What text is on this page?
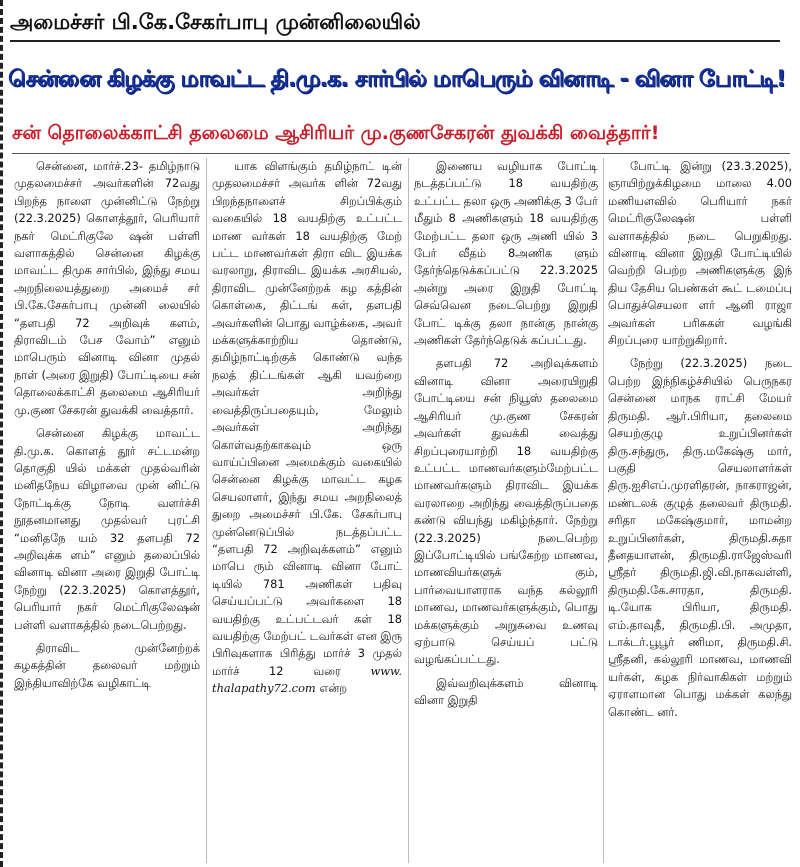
அமைச்சர் பி.கே.சேகர்பாபு முன்னிலையில்
சென்னை கிழக்கு மாவட்ட தி.மு.க. சார்பில் மாபெரும் வினாடி - வினா போட்டி!
சன் தொலைக்காட்சி தலைமை ஆசிரியர் மு.குணசேகரன் துவக்கி வைத்தார்!

சென்னை, மார்ச்.23- தமிழ்நாடு முதலமைச்சர் அவர்களின் 72வது பிறந்த நாளை முன்னிட்டு நேற்று (22.3.2025) கொளத்தூர், பெரியார் நகர் மெட்ரிகுலே ஷன் பள்ளி வளாகத்தில் சென்னை கிழக்கு மாவட்ட திமுக சார்பில், இந்து சமய அறநிலையத்துறை அமைச் சர் பி.கே.சேகர்பாபு முன்னி லையில் “தளபதி 72 அறிவுக் களம், திராவிடம் பேச வோம்” எனும் மாபெரும் வினாடி வினா முதல் நாள் (அரை இறுதி) போட்டியை சன் தொலைக்காட்சி தலைமை ஆசிரியர் மு.குண சேகரன் துவக்கி வைத்தார்.

சென்னை கிழக்கு மாவட்ட தி.மு.க. கொளத் தூர் சட்டமன்ற தொகுதி யில் மக்கள் முதல்வரின் மனிதநேய விழாவை முன் னிட்டு நோட்டிக்கு நோடி வளர்ச்சி நூதனமானது முதல்வர் புரட்சி “மனிதநே யம் 32 தளபதி 72 அறிவுக்க ளம்” எனும் தலைப்பில் வினாடி வினா அரை இறுதி போட்டி நேற்று (22.3.2025) கொளத்தூர், பெரியார் நகர் மெட்ரிகுலேஷன் பள்ளி வளாகத்தில் நடைபெற்றது.

திராவிட முன்னேற்றக் கழகத்தின் தலைவர் மற்றும் இந்தியாவிற்கே வழிகாட்டி

யாக விளங்கும் தமிழ்நாட் டின் முதலமைச்சர் அவர்க ளின் 72வது பிறந்தநாளைச் சிறப்பிக்கும் வகையில் 18 வயதிற்கு உட்பட்ட மாண வர்கள் 18 வயதிற்கு மேற் பட்ட மாணவர்கள் திரா விட இயக்க வரலாறு, திராவிட இயக்க அரசியல், திராவிட முன்னேற்றக் கழ கத்தின் கொள்கை, திட்டங் கள், தளபதி அவர்களின் பொது வாழ்க்கை, அவர் மக்களுக்காற்றிய தொண்டு, தமிழ்நாட்டிற்குக் கொண்டு வந்த நலத் திட்டங்கள் ஆகி யவற்றை அவர்கள் அறிந்து வைத்திருப்பதையும், மேலும் அவர்கள் அறிந்து கொள்வதற்காகவும் ஒரு வாய்ப்பினை அமைக்கும் வகையில் சென்னை கிழக்கு மாவட்ட கழக செயலாளர், இந்து சமய அறநிலைத் துறை அமைச்சர் பி.கே. சேகர்பாபு முன்னெடுப்பில் நடத்தப்பட்ட “தளபதி 72 அறிவுக்களம்” எனும் மாபெ ரும் வினாடி வினா போட் டியில் 781 அணிகள் பதிவு செய்யப்பட்டு அவர்களை 18 வயதிற்கு உட்பட்டவர் கள் 18 வயதிற்கு மேற்பட் டவர்கள் என இரு பிரிவுகளாக பிரித்து மார்ச் 3 முதல் மார்ச் 12 வரை	www. thalapathy72.com என்ற

இணைய வழியாக போட்டி நடத்தப்பட்டு 18 வயதிற்கு உட்பட்ட தலா ஒரு அணிக்கு 3 பேர் மீதும் 8 அணிகளும் 18 வயதிற்கு மேற்பட்ட தலா ஒரு அணி யில் 3 பேர் வீதம் 8அணிக ளும் தேர்ந்தெடுக்கப்பட்டு 22.3.2025 அன்று அரை இறுதி போட்டி செவ்வென நடைபெற்று இறுதி போட் டிக்கு தலா நான்கு நான்கு அணிகள் தேர்ந்தெடுக் கப்பட்டது.

தளபதி 72 அறிவுக்களம் வினாடி வினா அரையிறுதி போட்டியை சன் நியூஸ் தலைமை ஆசிரியர் மு.குண சேகரன் அவர்கள் துவக்கி வைத்து சிறப்புரையாற்றி 18 வயதிற்கு உட்பட்ட மாணவர்களும்மேற்பட்ட மாணவர்களும் திராவிட இயக்க வரலாறை அறிந்து வைத்திருப்பதை கண்டு வியந்து மகிழ்ந்தார். நேற்று (22.3.2025) நடைபெற்ற இப்போட்டியில் பங்கேற்ற மாணவ, மாணவியர்களுக் கும், பார்வையாளராக வந்த கல்லூரி மாணவ, மாணவர்களுக்கும், பொது மக்களுக்கும் அறுசுவை உணவு ஏற்பாடு செய்யப் பட்டு வழங்கப்பட்டது.

இவ்வறிவுக்களம் வினாடி வினா இறுதி

போட்டி இன்று (23.3.2025), ஞாயிற்றுக்கிழமை மாலை 4.00 மணியளவில் பெரியார் நகர் மெட்ரிகுலேஷன் பள்ளி வளாகத்தில் நடை பெறுகிறது. வினாடி வினா இறுதி போட்டியில் வெற்றி பெற்ற அணிகளுக்கு இந் திய தேசிய பெண்கள் கூட் டமைப்பு பொதுச்செயலா ளர் ஆனி ராஜா அவர்கள் பரிசுகள் வழங்கி சிறப்புரை யாற்றுகிறார்.

நேற்று (22.3.2025) நடை பெற்ற இந்நிகழ்ச்சியில் பெருநகர சென்னை மாநக ராட்சி மேயர் திருமதி. ஆர்.பிரியா, தலைமை செயற்குழு உறுப்பினர்கள் திரு.சந்துரு, திரு.மகேஷ்கு மார், பகுதி செயலாளர்கள் திரு.ஐசிஎப்.முரளிதரன், நாகராஜன், மண்டலக் குழுத் தலைவர் திருமதி. சரிதா மகேஷ்குமார், மாமன்ற உறுப்பினர்கள், திருமதி.சுதா தீனதயாளன், திருமதி.ராஜேஸ்வரி ஸ்ரீதர் திருமதி.ஜி.வி.நாகவள்ளி, திருமதி.கே.சாரதா, திருமதி. டி.யோக பிரியா, திருமதி. எம்.தாவுதீ, திருமதி.பி. அமுதா, டாக்டர்.பூபூர் ணிமா, திருமதி.சி. ஸ்ரீதனி, கல்லூரி மாணவ, மாணவி யர்கள், கழக நிர்வாகிகள் மற்றும் ஏராளமான பொது மக்கள் கலந்து கொண்ட னர்.
